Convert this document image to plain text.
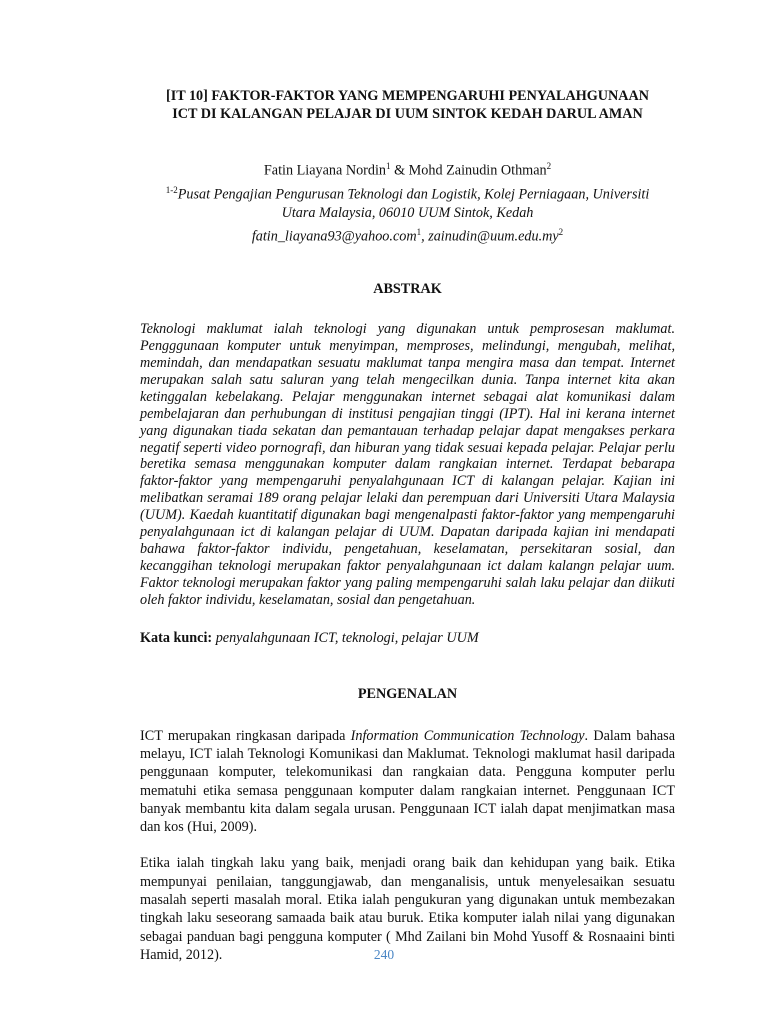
[IT 10] FAKTOR-FAKTOR YANG MEMPENGARUHI PENYALAHGUNAAN
ICT DI KALANGAN PELAJAR DI UUM SINTOK KEDAH DARUL AMAN
Fatin Liayana Nordin$^1$ & Mohd Zainudin Othman$^2$
$^{1-2}$Pusat Pengajian Pengurusan Teknologi dan Logistik, Kolej Perniagaan, Universiti
Utara Malaysia, 06010 UUM Sintok, Kedah
fatin_liayana93@yahoo.com$^1$, $zainudin@uum.edu.my^2$
ABSTRAK

Teknologi maklumat ialah teknologi yang digunakan untuk pemprosesan maklumat. Pengggunaan komputer untuk menyimpan, memproses, melindungi, mengubah, melihat, memindah, dan mendapatkan sesuatu maklumat tanpa mengira masa dan tempat. Internet merupakan salah satu saluran yang telah mengecilkan dunia. Tanpa internet kita akan ketinggalan kebelakang. Pelajar menggunakan internet sebagai alat komunikasi dalam pembelajaran dan perhubungan di institusi pengajian tinggi (IPT). Hal ini kerana internet yang digunakan tiada sekatan dan pemantauan terhadap pelajar dapat mengakses perkara negatif seperti video pornografi, dan hiburan yang tidak sesuai kepada pelajar. Pelajar perlu beretika semasa menggunakan komputer dalam rangkaian internet. Terdapat bebarapa faktor-faktor yang mempengaruhi penyalahgunaan ICT di kalangan pelajar. Kajian ini melibatkan seramai 189 orang pelajar lelaki dan perempuan dari Universiti Utara Malaysia (UUM). Kaedah kuantitatif digunakan bagi mengenalpasti faktor-faktor yang mempengaruhi penyalahgunaan ict di kalangan pelajar di UUM. Dapatan daripada kajian ini mendapati bahawa faktor-faktor individu, pengetahuan, keselamatan, persekitaran sosial, dan kecanggihan teknologi merupakan faktor penyalahgunaan ict dalam kalangn pelajar uum. Faktor teknologi merupakan faktor yang paling mempengaruhi salah laku pelajar dan diikuti oleh faktor individu, keselamatan, sosial dan pengetahuan.

Kata kunci: penyalahgunaan ICT, teknologi, pelajar UUM

PENGENALAN

ICT merupakan ringkasan daripada Information Communication Technology. Dalam bahasa melayu, ICT ialah Teknologi Komunikasi dan Maklumat. Teknologi maklumat hasil daripada penggunaan komputer, telekomunikasi dan rangkaian data. Pengguna komputer perlu mematuhi etika semasa penggunaan komputer dalam rangkaian internet. Penggunaan ICT banyak membantu kita dalam segala urusan. Penggunaan ICT ialah dapat menjimatkan masa dan kos (Hui, 2009).

Etika ialah tingkah laku yang baik, menjadi orang baik dan kehidupan yang baik. Etika mempunyai penilaian, tanggungjawab, dan menganalisis, untuk menyelesaikan sesuatu masalah seperti masalah moral. Etika ialah pengukuran yang digunakan untuk membezakan tingkah laku seseorang samaada baik atau buruk. Etika komputer ialah nilai yang digunakan sebagai panduan bagi pengguna komputer ( Mhd Zailani bin Mohd Yusoff & Rosnaaini binti Hamid, 2012).	240
